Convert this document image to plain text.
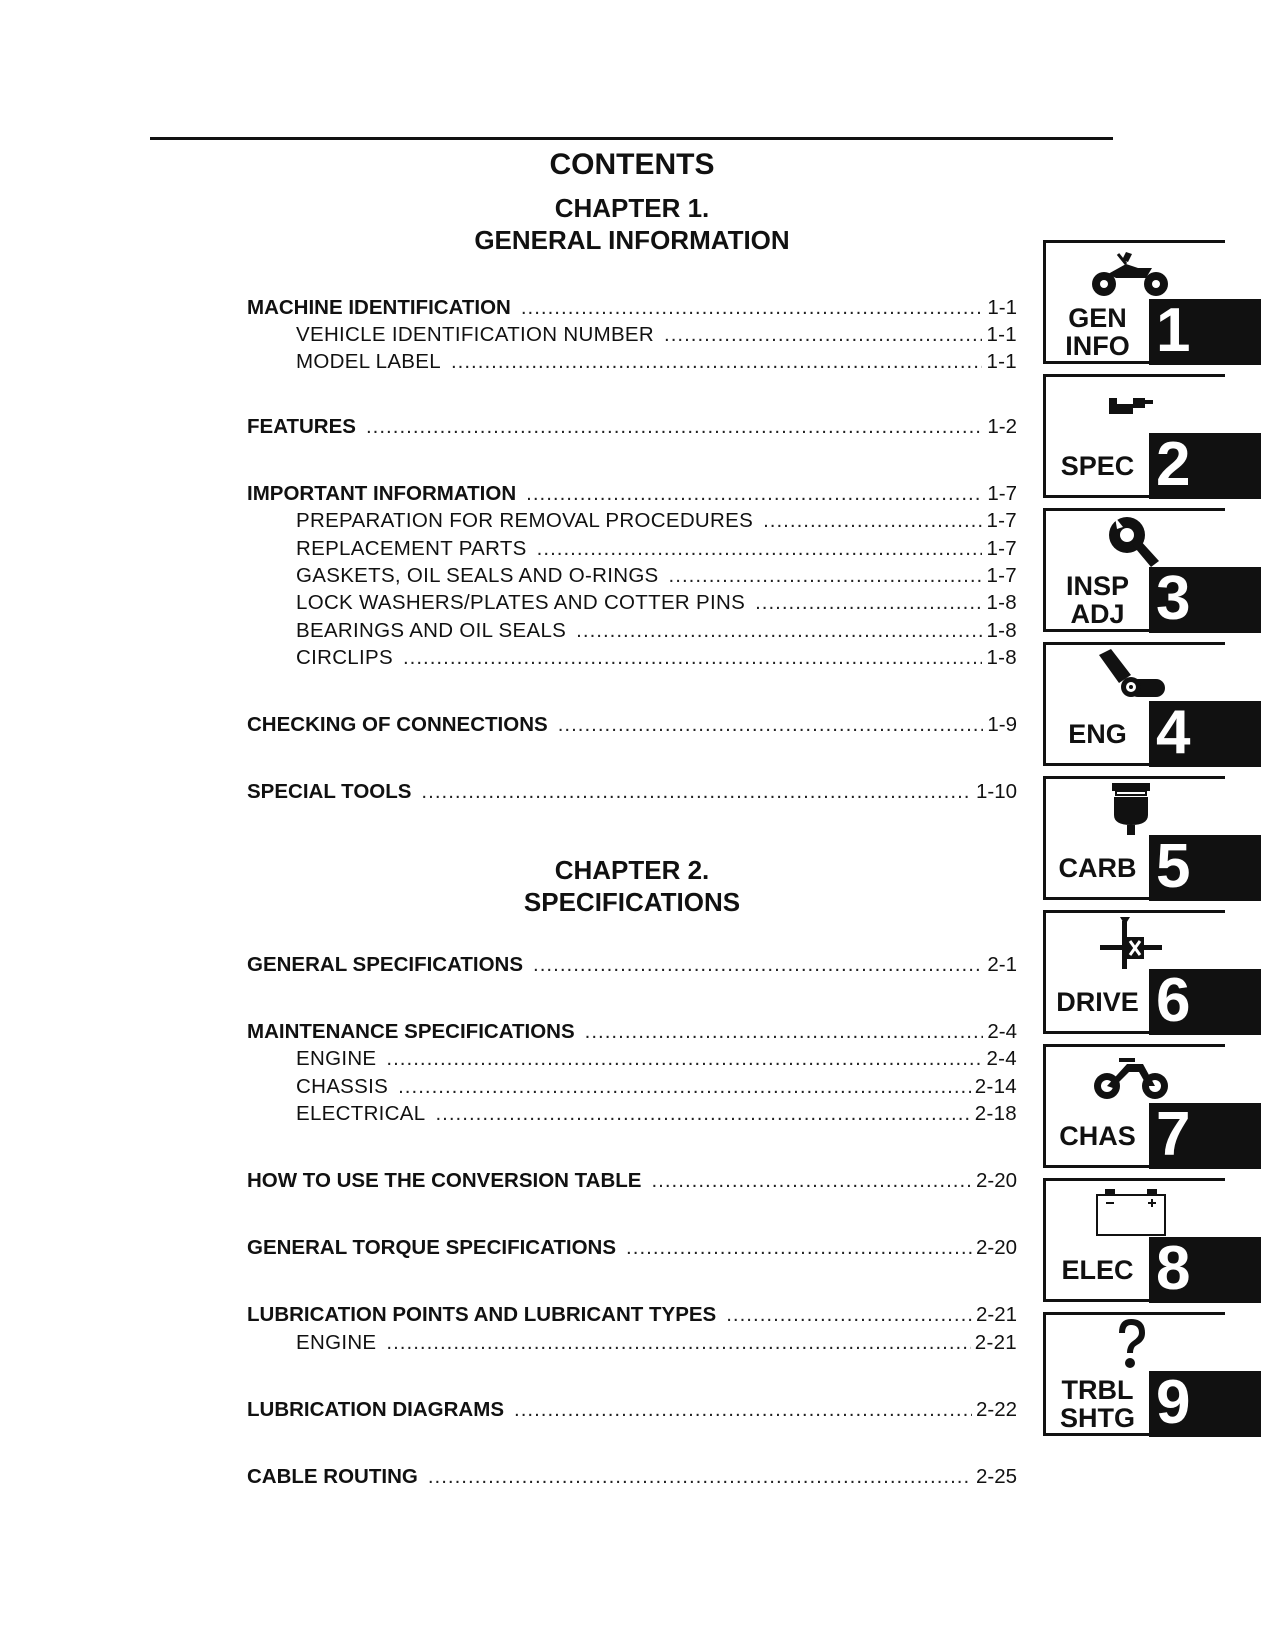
CONTENTS
CHAPTER 1.
GENERAL INFORMATION
MACHINE IDENTIFICATION .....	1-1
VEHICLE IDENTIFICATION NUMBER .....	1-1
MODEL LABEL .....	1-1
FEATURES .....	1-2
IMPORTANT INFORMATION .....	1-7
PREPARATION FOR REMOVAL PROCEDURES .....	1-7
REPLACEMENT PARTS .....	1-7
GASKETS, OIL SEALS AND O-RINGS .....	1-7
LOCK WASHERS/PLATES AND COTTER PINS .....	1-8
BEARINGS AND OIL SEALS .....	1-8
CIRCLIPS .....	1-8
CHECKING OF CONNECTIONS .....	1-9
SPECIAL TOOLS .....	1-10
CHAPTER 2.
SPECIFICATIONS
GENERAL SPECIFICATIONS .....	2-1
MAINTENANCE SPECIFICATIONS .....	2-4
ENGINE .....	2-4
CHASSIS .....	2-14
ELECTRICAL .....	2-18
HOW TO USE THE CONVERSION TABLE .....	2-20
GENERAL TORQUE SPECIFICATIONS .....	2-20
LUBRICATION POINTS AND LUBRICANT TYPES .....	2-21
ENGINE .....	2-21
LUBRICATION DIAGRAMS .....	2-22
CABLE ROUTING .....	2-25
GEN
INFO 1
SPEC 2
INSP
ADJ 3
ENG 4
CARB 5
DRIVE 6
CHAS 7
ELEC 8
TRBL
SHTG 9
